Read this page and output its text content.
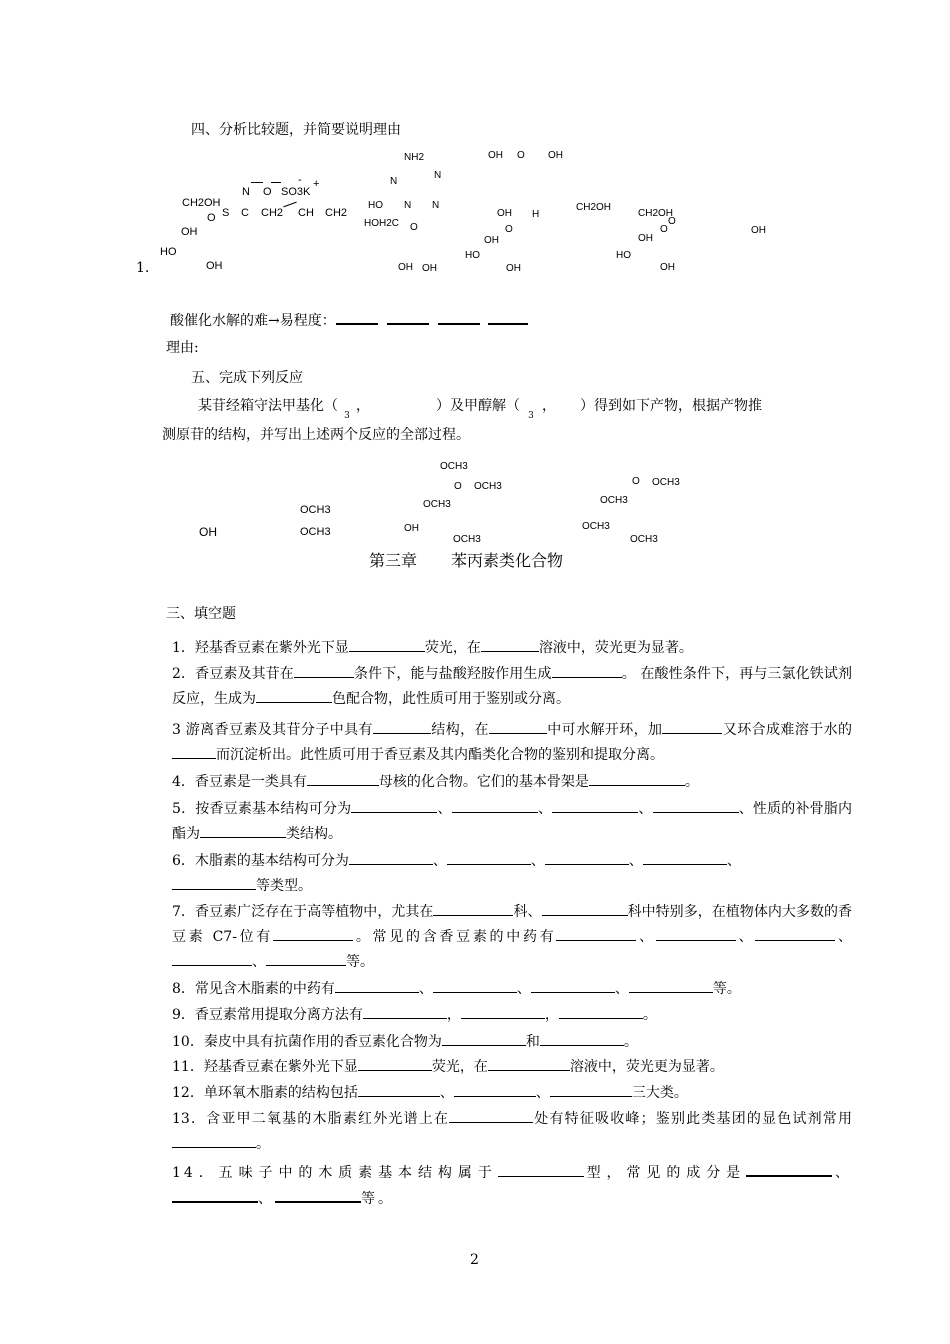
四、分析比较题，并简要说明理由
N O SO3K
- +
CH2OH
O S C CH2 CH CH2
OH
HO
OH
1.
NH2
N
N
HO N N
HOH2C O
OH OH
OH O OH
OH H
O
OH
HO
OH
CH2OH
CH2OH
O
O
OH
HO
OH
OH
酸催化水解的难→易程度：
理由:
五、完成下列反应
某苷经箱守法甲基化（3，	）及甲醇解（3， ）得到如下产物，根据产物推
测原苷的结构，并写出上述两个反应的全部过程。
OH
OCH3
OCH3
OCH3
O OCH3
OCH3
OH
OCH3
O OCH3
OCH3
OCH3
OCH3
第三章 苯丙素类化合物
三、填空题
1．羟基香豆素在紫外光下显	荧光，在	溶液中，荧光更为显著。
2．香豆素及其苷在	条件下，能与盐酸羟胺作用生成	。 在酸性条件下，再与三氯化铁试剂反应，生成为	色配合物，此性质可用于鉴别或分离。
3 游离香豆素及其苷分子中具有	结构，在	中可水解开环，加	又环合成难溶于水的而沉淀析出。此性质可用于香豆素及其内酯类化合物的鉴别和提取分离。
4．香豆素是一类具有	母核的化合物。它们的基本骨架是	。
5．按香豆素基本结构可分为	、	、	、	、性质的补骨脂内酯为	类结构。
6．木脂素的基本结构可分为	、	、	、	、
等类型。
7．香豆素广泛存在于高等植物中，尤其在	科、	科中特别多，在植物体内大多数的香豆素 C7-位有	。常见的含香豆素的中药有	、	、	、、	等。
8．常见含木脂素的中药有	、	、	、	等。
9．香豆素常用提取分离方法有	，	，	。
10．秦皮中具有抗菌作用的香豆素化合物为	和	。
11．羟基香豆素在紫外光下显	荧光，在	溶液中，荧光更为显著。
12．单环氧木脂素的结构包括	、	、	三大类。
13．含亚甲二氧基的木脂素红外光谱上在	处有特征吸收峰；鉴别此类基团的显色试剂常用。
14．五味子中的木质素基本结构属于	型，常见的成分是	、、	等。
2
